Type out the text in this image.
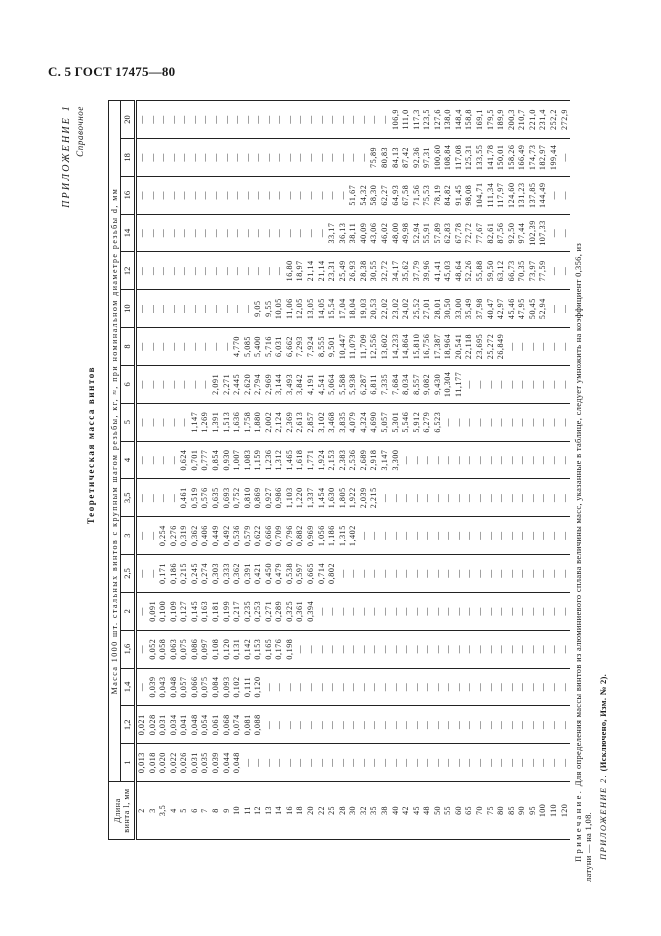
С. 5 ГОСТ 17475—80
ПРИЛОЖЕНИЕ 1 Справочное
Теоретическая масса винтов
Длина винта l, мм	Масса 1000 шт. стальных винтов с крупным шагом резьбы, кг, ≈, при номинальном диаметре резьбы d, мм																	
	1	1,2	1,4	1,6	2	2,5	3	3,5	4	5	6	8	10	12	14	16	18	20
2	0,013	0,021	—	—	—	—	—	—	—	—	—	—	—	—	—	—	—	—
3	0,018	0,028	0,039	0,052	0,091	—	—	—	—	—	—	—	—	—	—	—	—	—
3,5	0,020	0,031	0,043	0,058	0,100	0,171	0,254	—	—	—	—	—	—	—	—	—	—	—
4	0,022	0,034	0,048	0,063	0,109	0,186	0,276	—	—	—	—	—	—	—	—	—	—	—
5	0,026	0,041	0,057	0,075	0,127	0,215	0,319	0,461	0,624	—	—	—	—	—	—	—	—	—
6	0,031	0,048	0,066	0,086	0,145	0,245	0,362	0,519	0,701	1,147	—	—	—	—	—	—	—	—
7	0,035	0,054	0,075	0,097	0,163	0,274	0,406	0,576	0,777	1,269	—	—	—	—	—	—	—	—
8	0,039	0,061	0,084	0,108	0,181	0,303	0,449	0,635	0,854	1,391	2,091	—	—	—	—	—	—	—
9	0,044	0,068	0,093	0,120	0,199	0,333	0,492	0,693	0,930	1,513	2,271	—	—	—	—	—	—	—
10	0,048	0,074	0,102	0,131	0,217	0,362	0,536	0,752	1,007	1,636	2,445	4,770	—	—	—	—	—	—
11	—	0,081	0,111	0,142	0,235	0,391	0,579	0,810	1,083	1,758	2,620	5,085	—	—	—	—	—	—
12	—	0,088	0,120	0,153	0,253	0,421	0,622	0,869	1,159	1,880	2,794	5,400	9,05	—	—	—	—	—
13	—	—	—	0,165	0,271	0,450	0,666	0,927	1,236	2,002	2,969	5,716	9,55	—	—	—	—	—
14	—	—	—	0,176	0,289	0,479	0,709	0,986	1,312	2,124	3,144	6,031	10,05	—	—	—	—	—
16	—	—	—	0,198	0,325	0,538	0,796	1,103	1,465	2,369	3,493	6,662	11,06	16,80	—	—	—	—
18	—	—	—	—	0,361	0,597	0,882	1,220	1,618	2,613	3,842	7,293	12,05	18,97	—	—	—	—
20	—	—	—	—	0,394	0,665	0,969	1,337	1,771	2,857	4,191	7,924	13,05	21,14	—	—	—	—
22	—	—	—	—	—	0,714	1,056	1,454	1,924	3,102	4,541	8,555	14,05	21,14	—	—	—	—
25	—	—	—	—	—	0,802	1,186	1,630	2,153	3,468	5,064	9,501	15,54	23,31	33,17	—	—	—
28	—	—	—	—	—	—	1,315	1,805	2,383	3,835	5,588	10,447	17,04	25,49	36,13	—	—	—
30	—	—	—	—	—	—	1,402	1,922	2,536	4,079	5,938	11,079	18,04	26,93	38,11	51,67	—	—
32	—	—	—	—	—	—	—	2,039	2,689	4,324	6,287	11,709	19,03	28,38	40,09	54,32	—	—
35	—	—	—	—	—	—	—	2,215	2,918	4,690	6,811	12,556	20,53	30,55	43,06	58,30	75,89	—
38	—	—	—	—	—	—	—	—	3,147	5,057	7,335	13,602	22,02	32,72	46,02	62,27	80,83	—
40	—	—	—	—	—	—	—	—	3,300	5,301	7,684	14,233	23,02	34,17	48,00	64,93	84,13	106,9
42	—	—	—	—	—	—	—	—	—	5,546	8,034	14,864	24,02	35,62	49,98	67,58	87,42	111,0
45	—	—	—	—	—	—	—	—	—	5,912	8,557	15,810	25,52	37,79	52,94	71,56	92,36	117,3
48	—	—	—	—	—	—	—	—	—	6,279	9,082	16,756	27,01	39,96	55,91	75,53	97,31	123,5
50	—	—	—	—	—	—	—	—	—	6,523	9,430	17,387	28,01	41,41	57,89	78,19	100,60	127,6
55	—	—	—	—	—	—	—	—	—	—	10,304	18,964	30,50	45,03	62,83	84,82	108,84	138,0
60	—	—	—	—	—	—	—	—	—	—	11,177	20,541	33,00	48,64	67,78	91,45	117,08	148,4
65	—	—	—	—	—	—	—	—	—	—	—	22,118	35,49	52,26	72,72	98,08	125,31	158,8
70	—	—	—	—	—	—	—	—	—	—	—	23,695	37,98	55,88	77,67	104,71	133,55	169,1
75	—	—	—	—	—	—	—	—	—	—	—	25,272	40,47	59,50	82,61	111,34	141,78	179,5
80	—	—	—	—	—	—	—	—	—	—	—	26,849	42,97	63,12	87,56	117,97	150,01	189,9
85	—	—	—	—	—	—	—	—	—	—	—	—	45,46	66,73	92,50	124,60	158,26	200,3
90	—	—	—	—	—	—	—	—	—	—	—	—	47,95	70,35	97,44	131,23	166,49	210,7
95	—	—	—	—	—	—	—	—	—	—	—	—	50,45	73,97	102,39	137,85	174,73	221,0
100	—	—	—	—	—	—	—	—	—	—	—	—	52,94	77,59	107,33	144,49	182,97	231,4
110	—	—	—	—	—	—	—	—	—	—	—	—	—	—	—	—	199,44	252,2
120	—	—	—	—	—	—	—	—	—	—	—	—	—	—	—	—	—	272,9
Примечание. Для определения массы винтов из алюминиевого сплава величины масс, указанные в таблице, следует умножить на коэффициент 0,356, из
латуни — на 1,08. ПРИЛОЖЕНИЕ 2. (Исключено, Изм. № 2).
